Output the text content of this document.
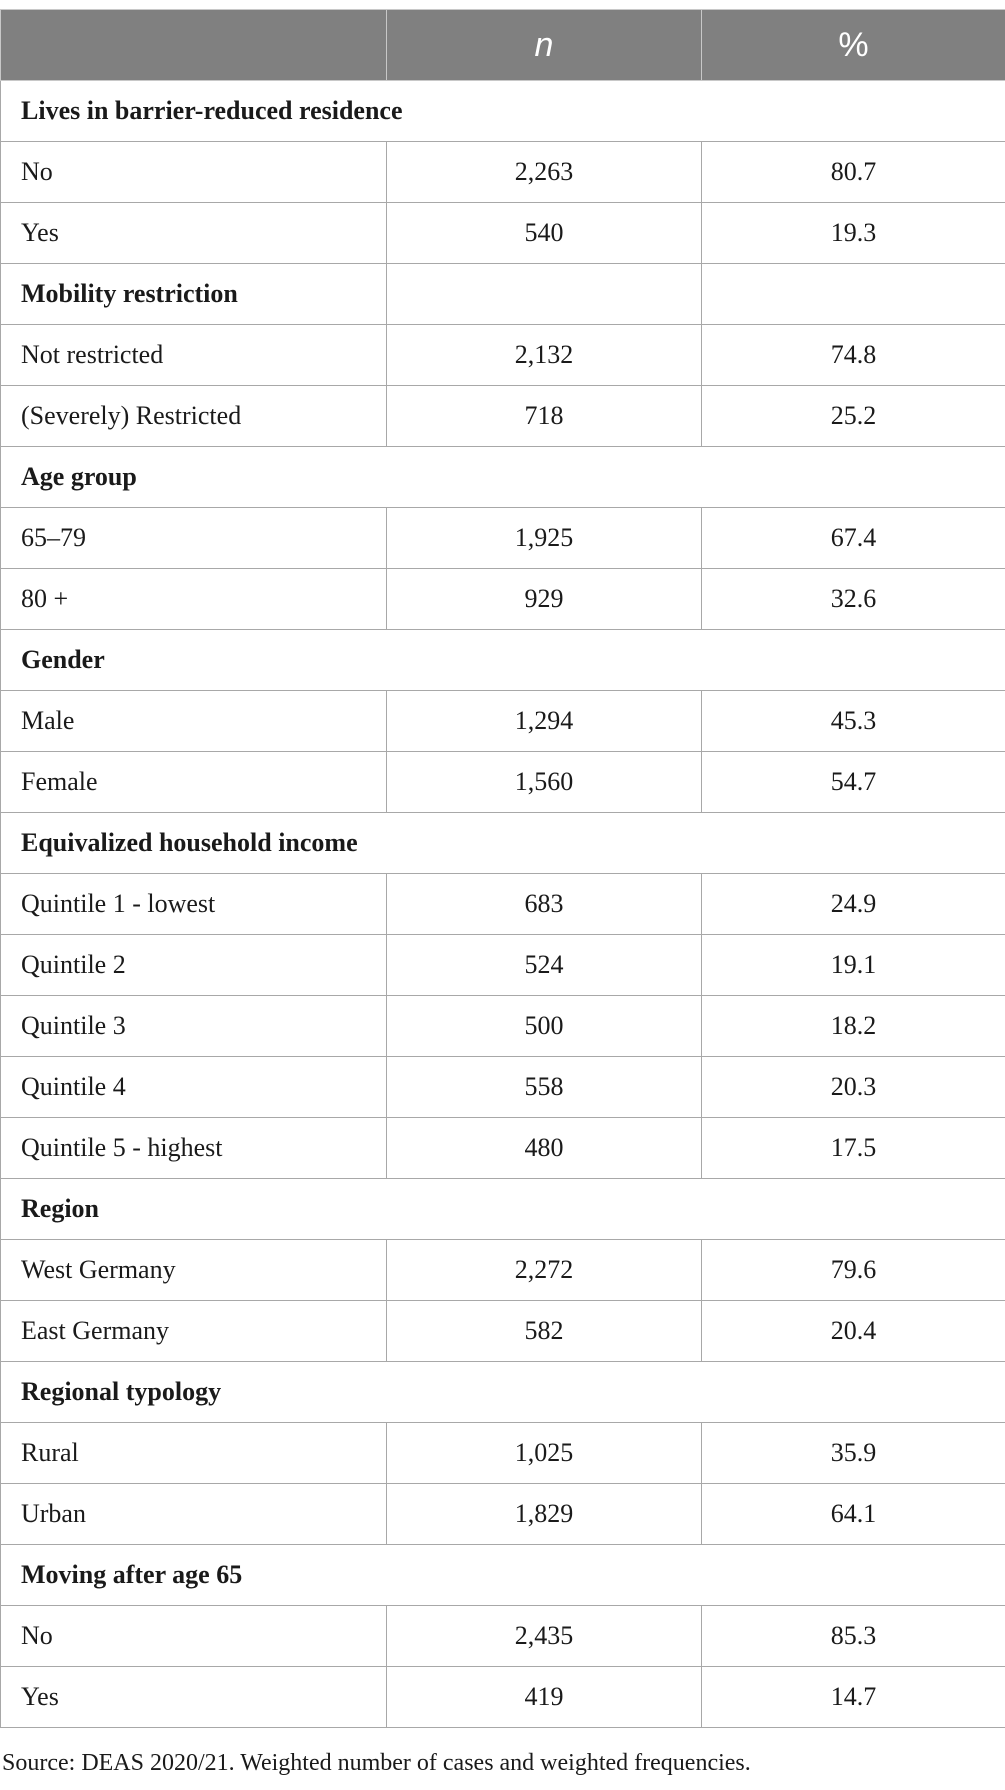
	n	%
Lives in barrier-reduced residence		
No	2,263	80.7
Yes	540	19.3
Mobility restriction		
Not restricted	2,132	74.8
(Severely) Restricted	718	25.2
Age group		
65–79	1,925	67.4
80 +	929	32.6
Gender		
Male	1,294	45.3
Female	1,560	54.7
Equivalized household income		
Quintile 1 - lowest	683	24.9
Quintile 2	524	19.1
Quintile 3	500	18.2
Quintile 4	558	20.3
Quintile 5 - highest	480	17.5
Region		
West Germany	2,272	79.6
East Germany	582	20.4
Regional typology		
Rural	1,025	35.9
Urban	1,829	64.1
Moving after age 65		
No	2,435	85.3
Yes	419	14.7
Source: DEAS 2020/21. Weighted number of cases and weighted frequencies.
